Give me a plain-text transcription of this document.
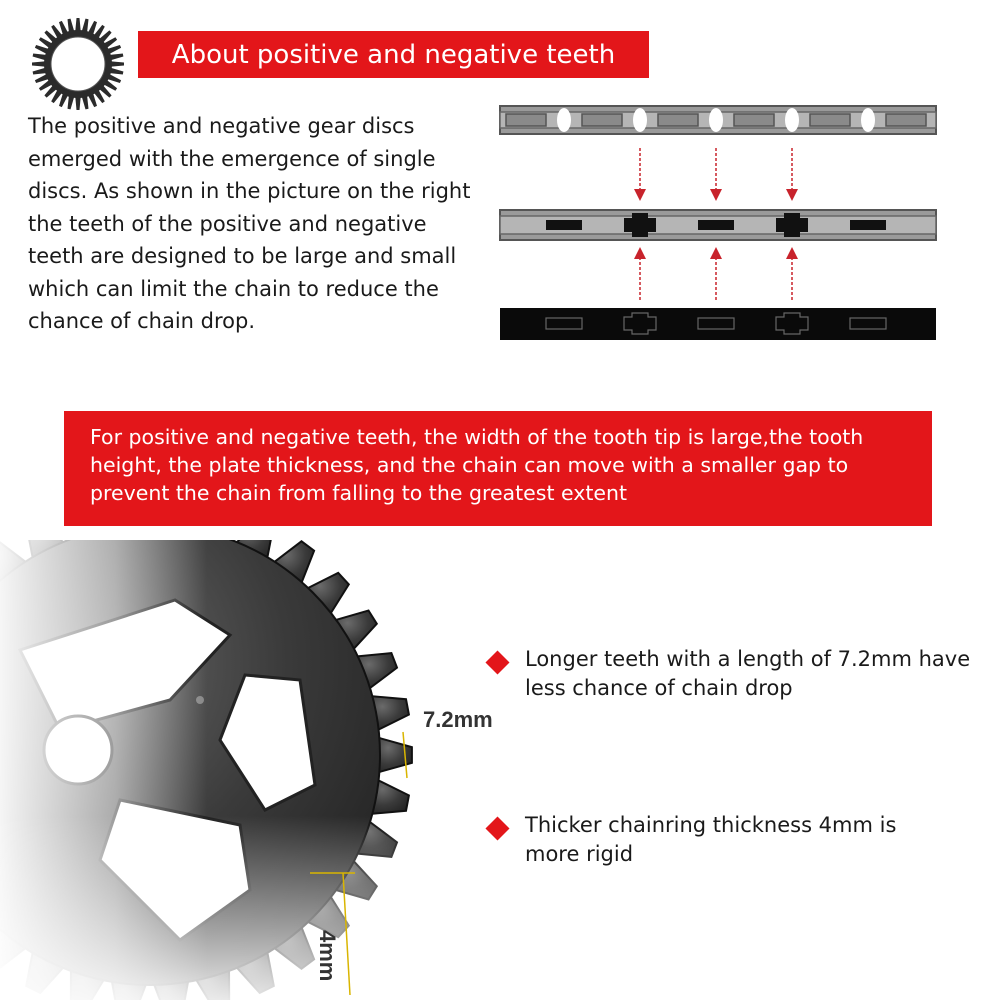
About positive and negative teeth
The positive and negative gear discs
emerged with the emergence of single
discs. As shown in the picture on the right
the teeth of the positive and negative
teeth are designed to be large and small
which can limit the chain to reduce the
chance of chain drop.
For positive and negative teeth, the width of the tooth tip is large,the tooth
height, the plate thickness, and the chain can move with a smaller gap to
prevent the chain from falling to the greatest extent
7.2mm
4mm
Longer teeth with a length of 7.2mm have
less chance of chain drop
Thicker chainring thickness 4mm is
more rigid
